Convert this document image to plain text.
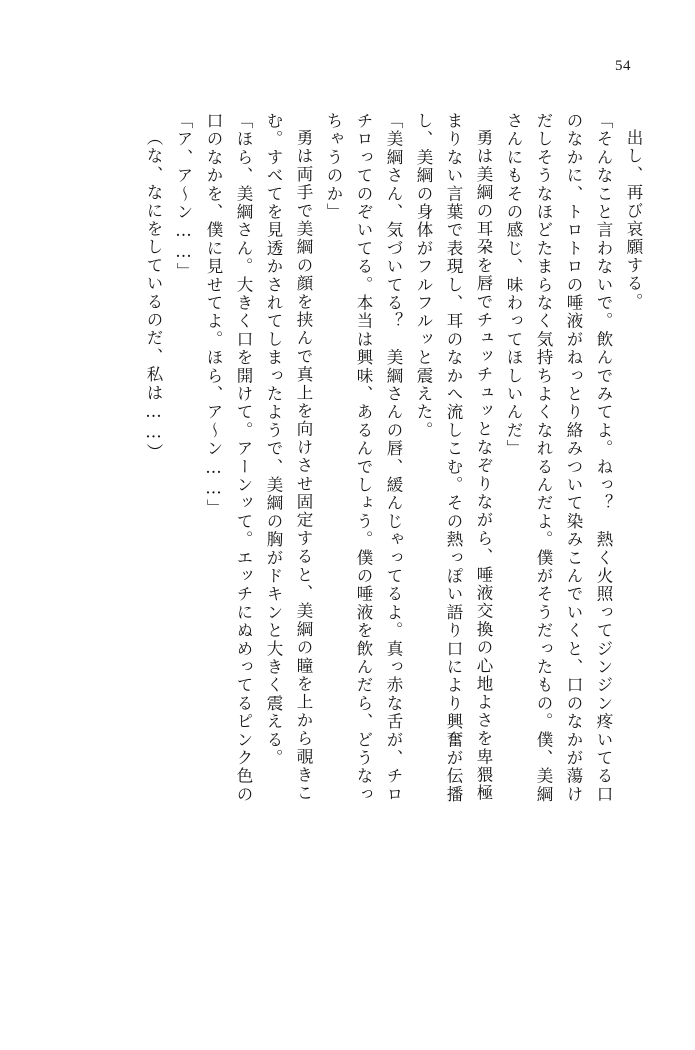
54
出し、再び哀願する。
「そんなこと言わないで。飲んでみてよ。ねっ？　熱く火照ってジンジン疼いてる口
のなかに、トロトロの唾液がねっとり絡みついて染みこんでいくと、口のなかが蕩け
だしそうなほどたまらなく気持ちよくなれるんだよ。僕がそうだったもの。僕、美綱
さんにもその感じ、味わってほしいんだ」
勇は美綱の耳朶を唇でチュッチュッとなぞりながら、唾液交換の心地よさを卑猥極
まりない言葉で表現し、耳のなかへ流しこむ。その熱っぽい語り口により興奮が伝播
し、美綱の身体がフルフルッと震えた。
「美綱さん、気づいてる？　美綱さんの唇、緩んじゃってるよ。真っ赤な舌が、チロ
チロってのぞいてる。本当は興味、あるんでしょう。僕の唾液を飲んだら、どうなっ
ちゃうのか」
勇は両手で美綱の顔を挟んで真上を向けさせ固定すると、美綱の瞳を上から覗きこ
む。すべてを見透かされてしまったようで、美綱の胸がドキンと大きく震える。
「ほら、美綱さん。大きく口を開けて。アーンッて。エッチにぬめってるピンク色の
口のなかを、僕に見せてよ。ほら、ア～ン……」
「ア、ア～ン……」
（な、なにをしているのだ、私は……）
